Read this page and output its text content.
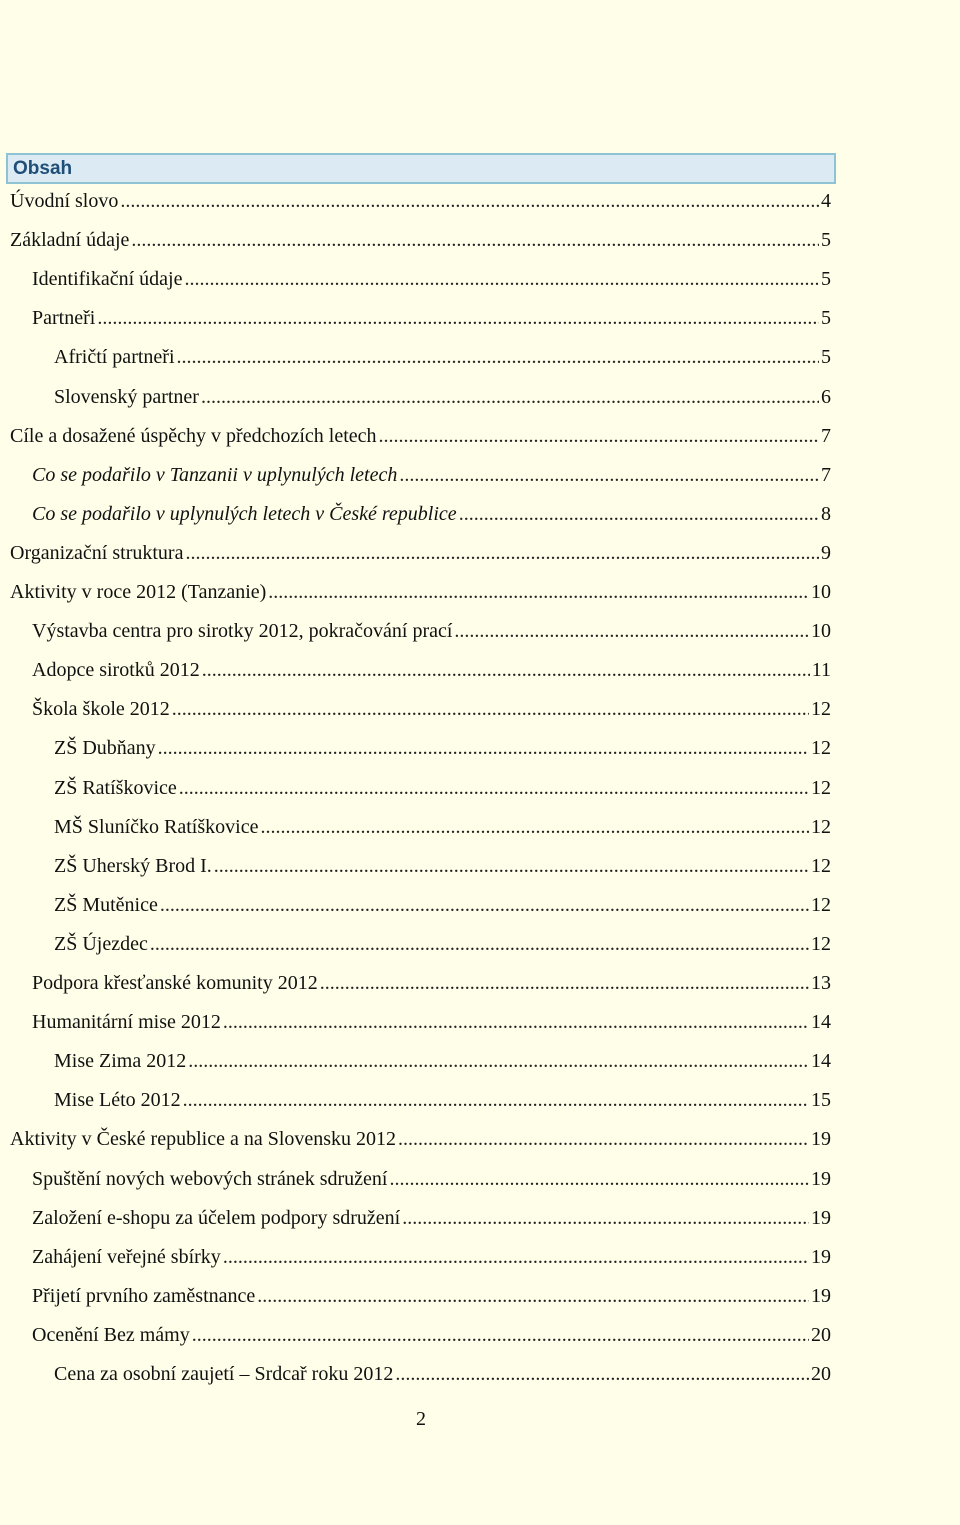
Obsah
Úvodní slovo .....	4
Základní údaje .....	5
Identifikační údaje .....	5
Partneři .....	5
Afričtí partneři .....	5
Slovenský partner .....	6
Cíle a dosažené úspěchy v předchozích letech .....	7
Co se podařilo v Tanzanii v uplynulých letech .....	7
Co se podařilo v uplynulých letech v České republice .....	8
Organizační struktura .....	9
Aktivity v roce 2012 (Tanzanie) .....	10
Výstavba centra pro sirotky 2012, pokračování prací .....	10
Adopce sirotků 2012 .....	11
Škola škole 2012 .....	12
ZŠ Dubňany .....	12
ZŠ Ratíškovice .....	12
MŠ Sluníčko Ratíškovice .....	12
ZŠ Uherský Brod I. .....	12
ZŠ Mutěnice .....	12
ZŠ Újezdec .....	12
Podpora křesťanské komunity 2012 .....	13
Humanitární mise 2012 .....	14
Mise Zima 2012 .....	14
Mise Léto 2012 .....	15
Aktivity v České republice a na Slovensku 2012 .....	19
Spuštění nových webových stránek sdružení .....	19
Založení e-shopu za účelem podpory sdružení .....	19
Zahájení veřejné sbírky .....	19
Přijetí prvního zaměstnance .....	19
Ocenění Bez mámy .....	20
Cena za osobní zaujetí – Srdcař roku 2012 .....	20
2
